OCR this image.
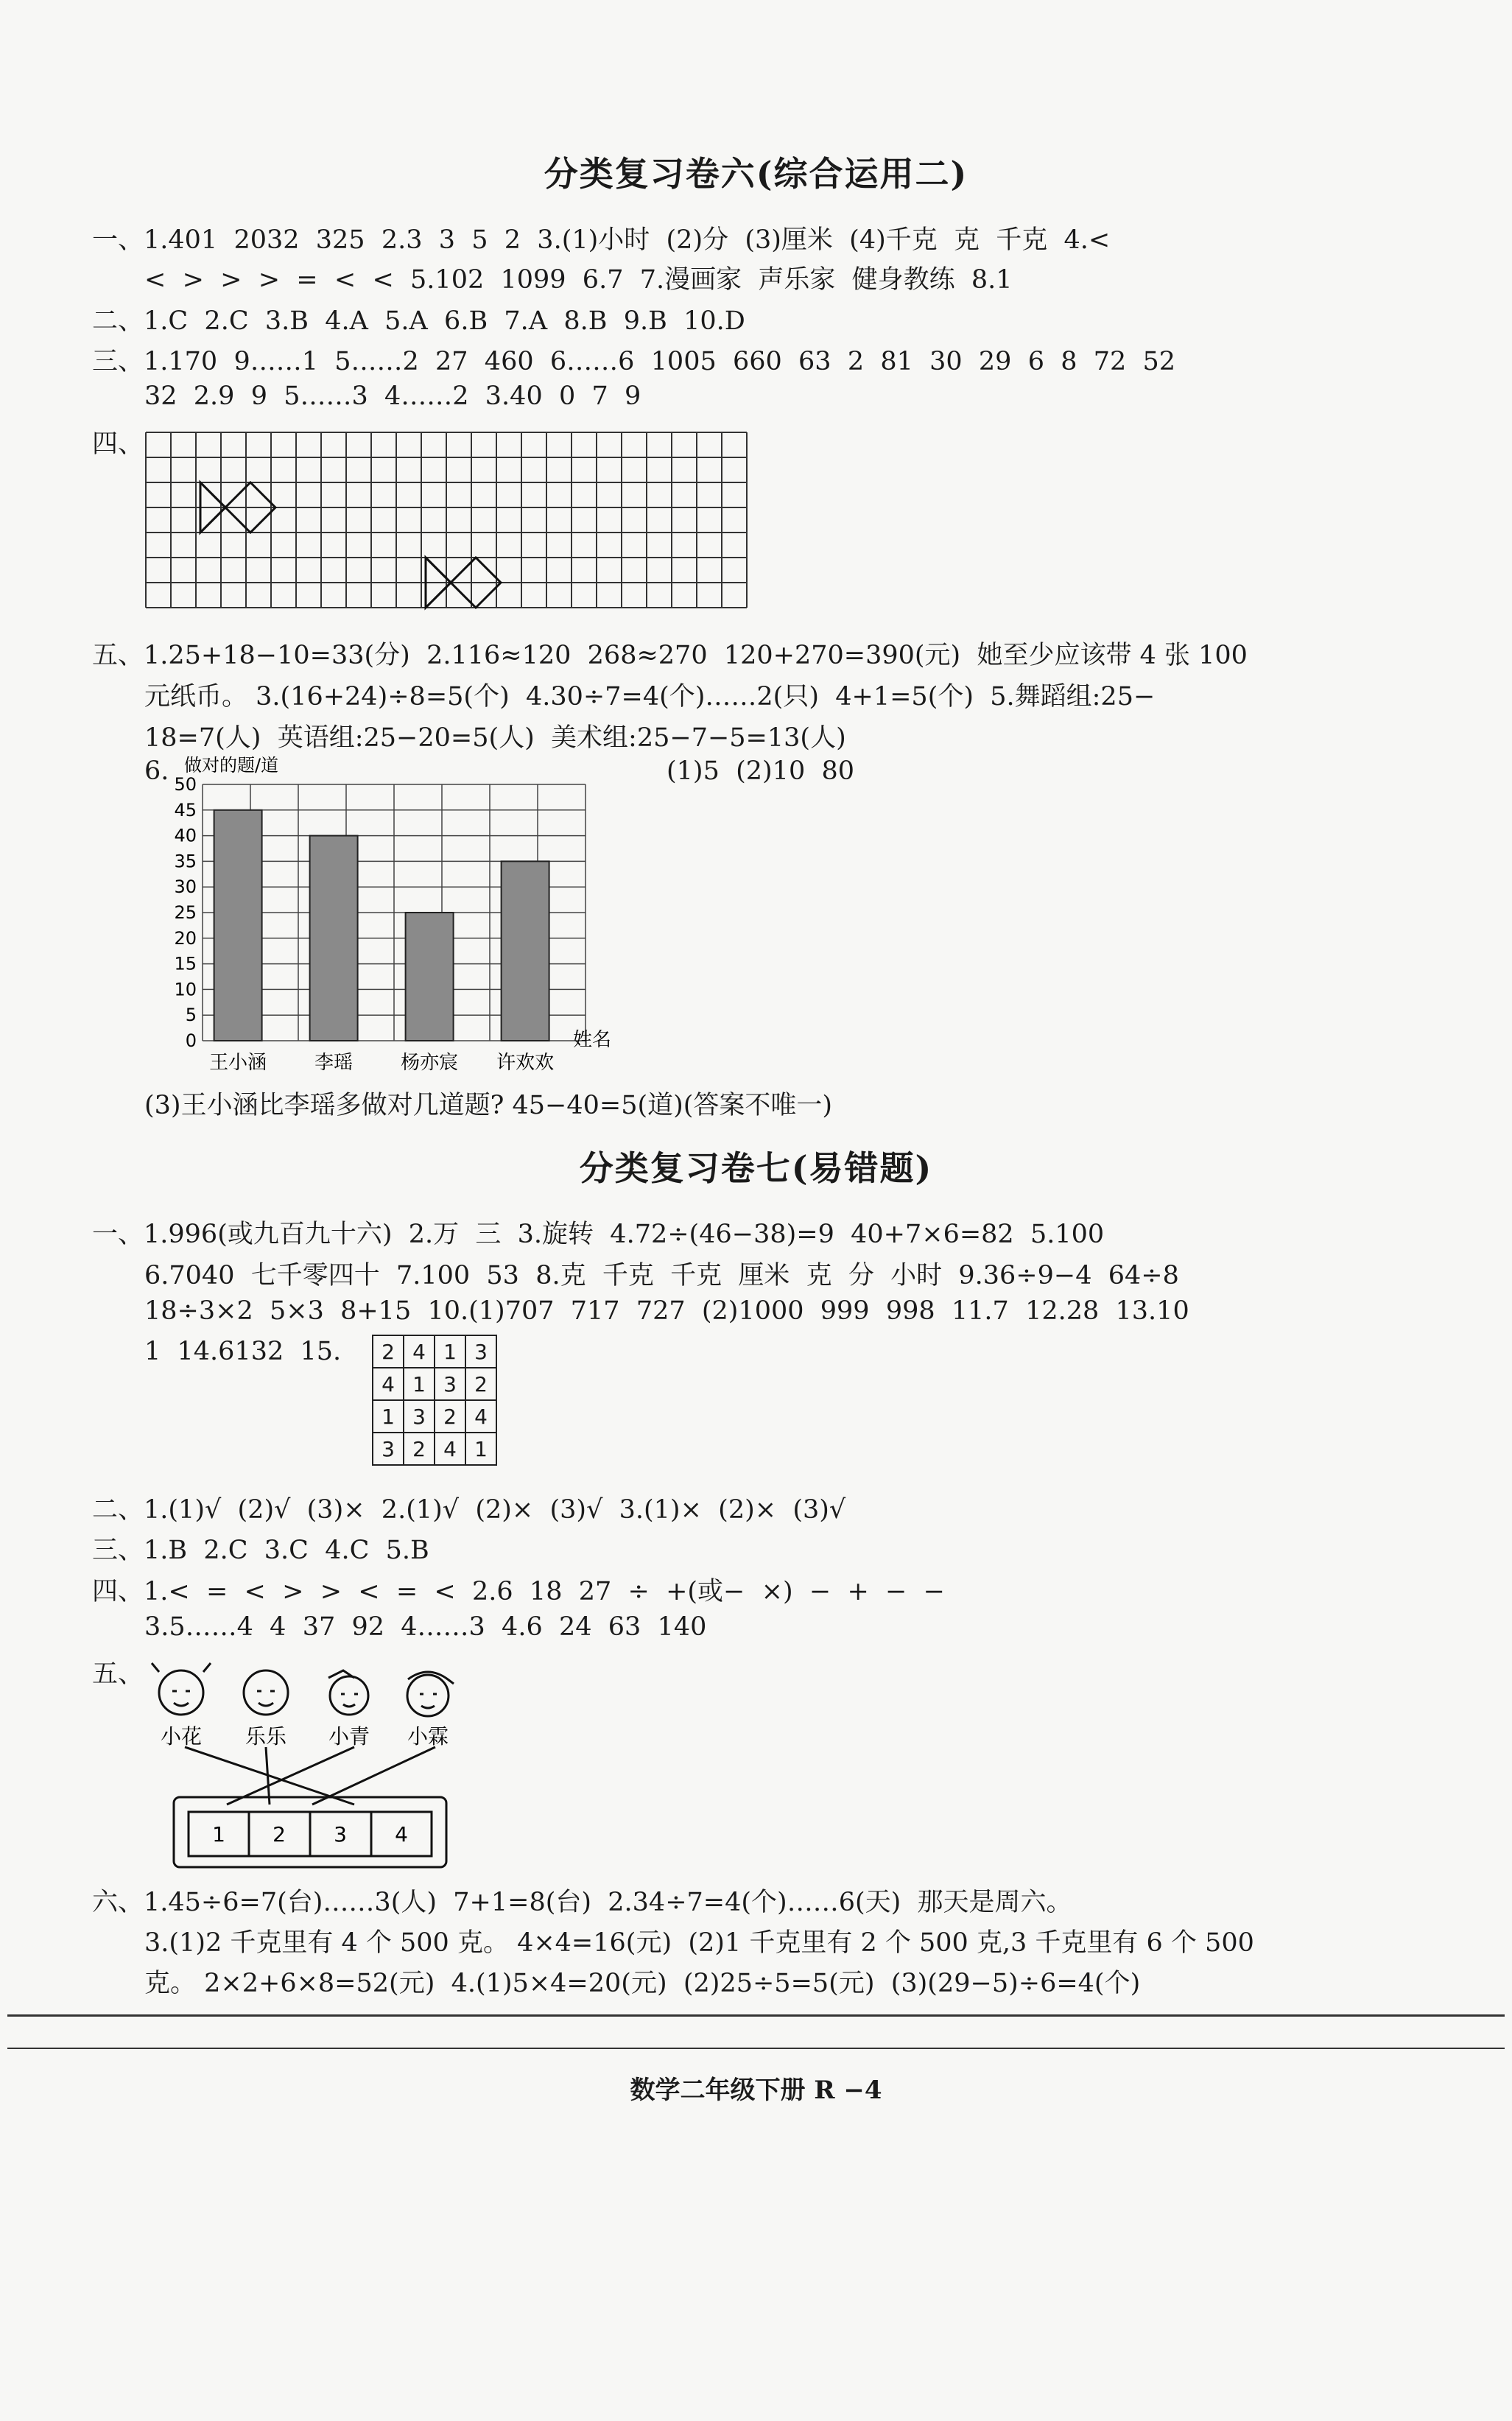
分类复习卷六(综合运用二)
一、1.401  2032  325  2.3  3  5  2  3.(1)小时  (2)分  (3)厘米  (4)千克  克  千克  4.<
<  >  >  >  =  <  <  5.102  1099  6.7  7.漫画家  声乐家  健身教练  8.1
二、1.C  2.C  3.B  4.A  5.A  6.B  7.A  8.B  9.B  10.D
三、1.170  9……1  5……2  27  460  6……6  1005  660  63  2  81  30  29  6  8  72  52
32  2.9  9  5……3  4……2  3.40  0  7  9
四、
五、1.25+18−10=33(分)  2.116≈120  268≈270  120+270=390(元)  她至少应该带 4 张 100
元纸币。 3.(16+24)÷8=5(个)  4.30÷7=4(个)……2(只)  4+1=5(个)  5.舞蹈组:25−
18=7(人)  英语组:25−20=5(人)  美术组:25−7−5=13(人)
6.	(1)5  (2)10  80
做对的题/道
0
5
10
15
20
25
30
35
40
45
50
王小涵 李瑶 杨亦宸 许欢欢
姓名
(3)王小涵比李瑶多做对几道题? 45−40=5(道)(答案不唯一)
分类复习卷七(易错题)
一、1.996(或九百九十六)  2.万  三  3.旋转  4.72÷(46−38)=9  40+7×6=82  5.100
6.7040  七千零四十  7.100  53  8.克  千克  千克  厘米  克  分  小时  9.36÷9−4  64÷8
18÷3×2  5×3  8+15  10.(1)707  717  727  (2)1000  999  998  11.7  12.28  13.10
1  14.6132  15. 2	4	1	3
4	1	3	2
1	3	2	4
3	2	4	1
二、1.(1)√  (2)√  (3)×  2.(1)√  (2)×  (3)√  3.(1)×  (2)×  (3)√
三、1.B  2.C  3.C  4.C  5.B
四、1.<  =  <  >  >  <  =  <  2.6  18  27  ÷  +(或−  ×)  −  +  −  −
3.5……4  4  37  92  4……3  4.6  24  63  140
五、
小花 乐乐 小青 小霖
1 2 3 4
六、1.45÷6=7(台)……3(人)  7+1=8(台)  2.34÷7=4(个)……6(天)  那天是周六。
3.(1)2 千克里有 4 个 500 克。 4×4=16(元)  (2)1 千克里有 2 个 500 克,3 千克里有 6 个 500
克。 2×2+6×8=52(元)  4.(1)5×4=20(元)  (2)25÷5=5(元)  (3)(29−5)÷6=4(个)
数学二年级下册 R −4
